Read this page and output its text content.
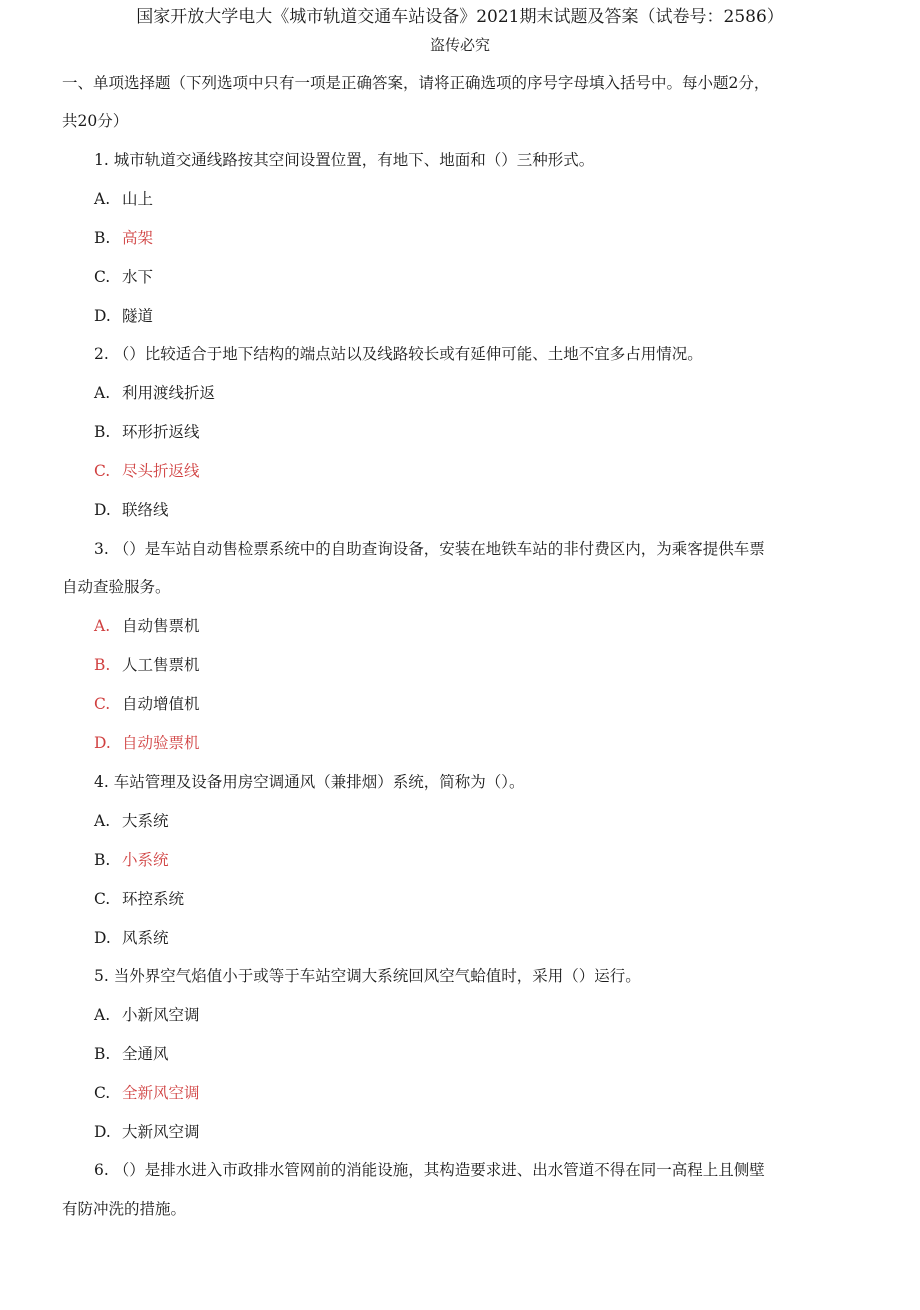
国家开放大学电大《城市轨道交通车站设备》2021期末试题及答案（试卷号：2586）
盗传必究
一、单项选择题（下列选项中只有一项是正确答案，请将正确选项的序号字母填入括号中。每小题2分，
共20分）
1. 城市轨道交通线路按其空间设置位置，有地下、地面和（）三种形式。
A. 山上
B. 高架
C. 水下
D. 隧道
2. （）比较适合于地下结构的端点站以及线路较长或有延伸可能、土地不宜多占用情况。
A. 利用渡线折返
B. 环形折返线
C. 尽头折返线
D. 联络线
3. （）是车站自动售检票系统中的自助查询设备，安装在地铁车站的非付费区内，为乘客提供车票
自动查验服务。
A. 自动售票机
B. 人工售票机
C. 自动增值机
D. 自动验票机
4. 车站管理及设备用房空调通风（兼排烟）系统，简称为（）。
A. 大系统
B. 小系统
C. 环控系统
D. 风系统
5. 当外界空气焰值小于或等于车站空调大系统回风空气蛤值时，采用（）运行。
A. 小新风空调
B. 全通风
C. 全新风空调
D. 大新风空调
6. （）是排水进入市政排水管网前的消能设施，其构造要求进、出水管道不得在同一高程上且侧壁
有防冲洗的措施。
